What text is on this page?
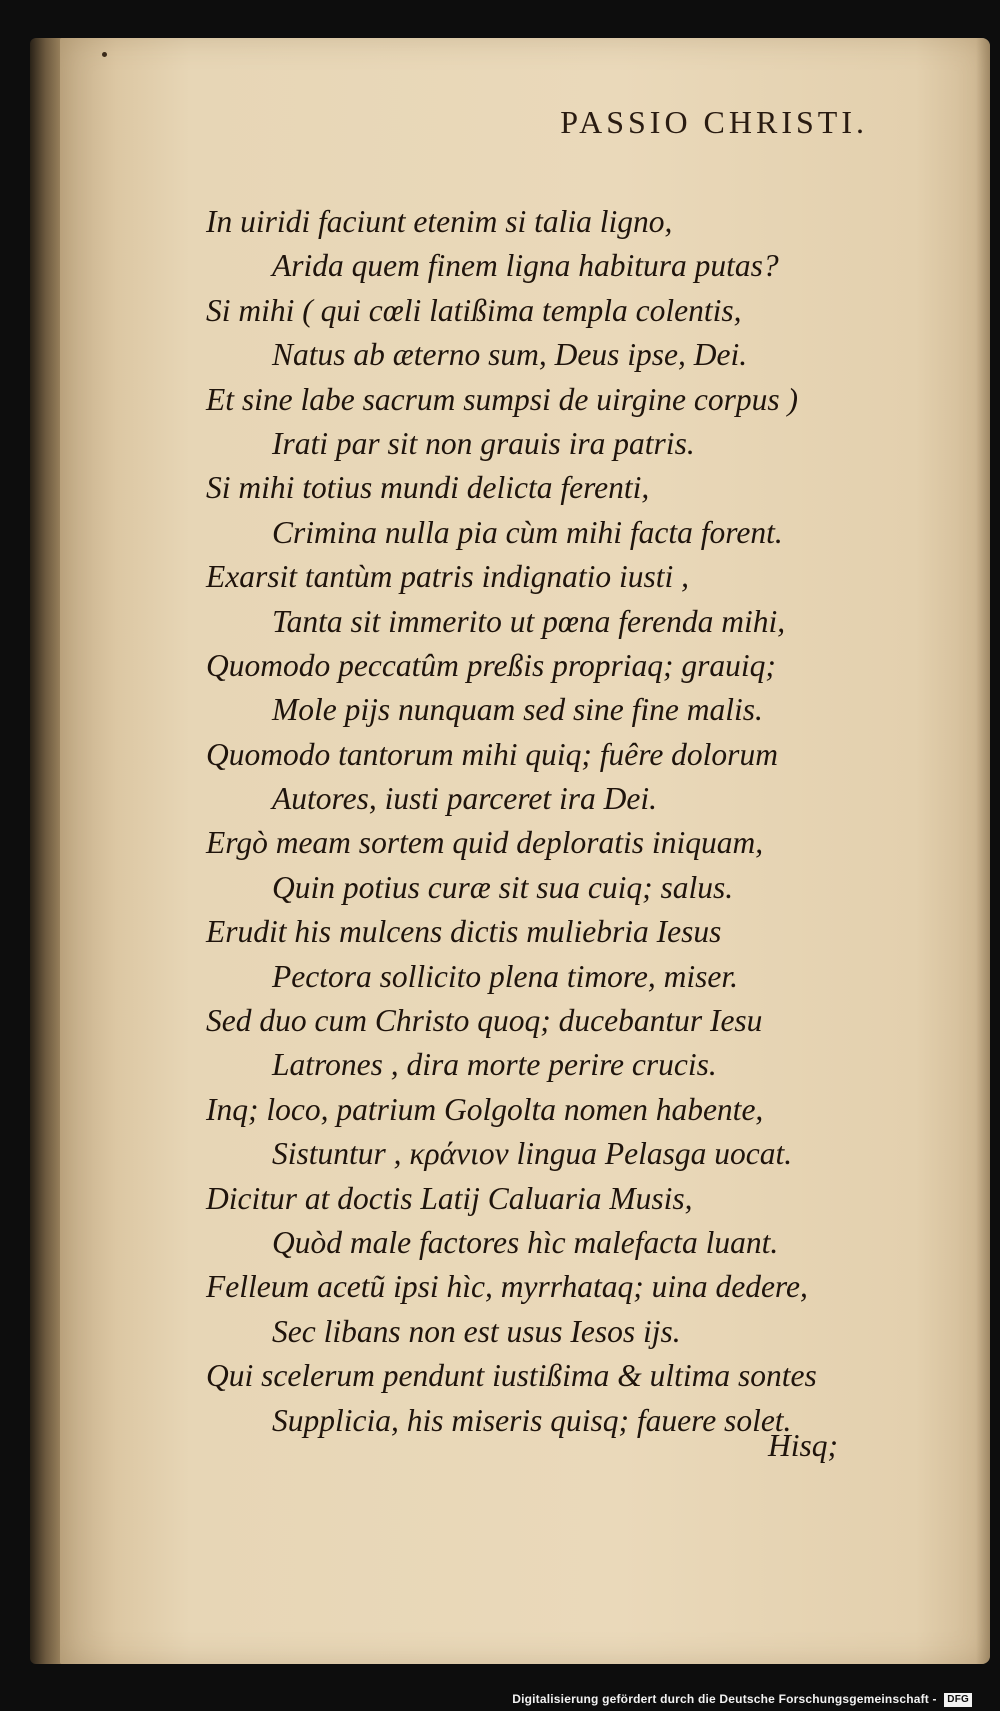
PASSIO CHRISTI.
In uiridi faciunt etenim si talia ligno,
Arida quem finem ligna habitura putas?
Si mihi ( qui cœli latißima templa colentis,
Natus ab æterno sum, Deus ipse, Dei.
Et sine labe sacrum sumpsi de uirgine corpus )
Irati par sit non grauis ira patris.
Si mihi totius mundi delicta ferenti,
Crimina nulla pia cùm mihi facta forent.
Exarsit tantùm patris indignatio iusti ,
Tanta sit immerito ut pœna ferenda mihi,
Quomodo peccatûm preßis propriaq; grauiq;
Mole pijs nunquam sed sine fine malis.
Quomodo tantorum mihi quiq; fuêre dolorum
Autores, iusti parceret ira Dei.
Ergò meam sortem quid deploratis iniquam,
Quin potius curæ sit sua cuiq; salus.
Erudit his mulcens dictis muliebria Iesus
Pectora sollicito plena timore, miser.
Sed duo cum Christo quoq; ducebantur Iesu
Latrones , dira morte perire crucis.
Inq; loco, patrium Golgolta nomen habente,
Sistuntur , κράνιον lingua Pelasga uocat.
Dicitur at doctis Latij Caluaria Musis,
Quòd male factores hìc malefacta luant.
Felleum acetũ ipsi hìc, myrrhataq; uina dedere,
Sec libans non est usus Iesos ijs.
Qui scelerum pendunt iustißima & ultima sontes
Supplicia, his miseris quisq; fauere solet.
Hisq;
Digitalisierung gefördert durch die Deutsche Forschungsgemeinschaft - DFG
